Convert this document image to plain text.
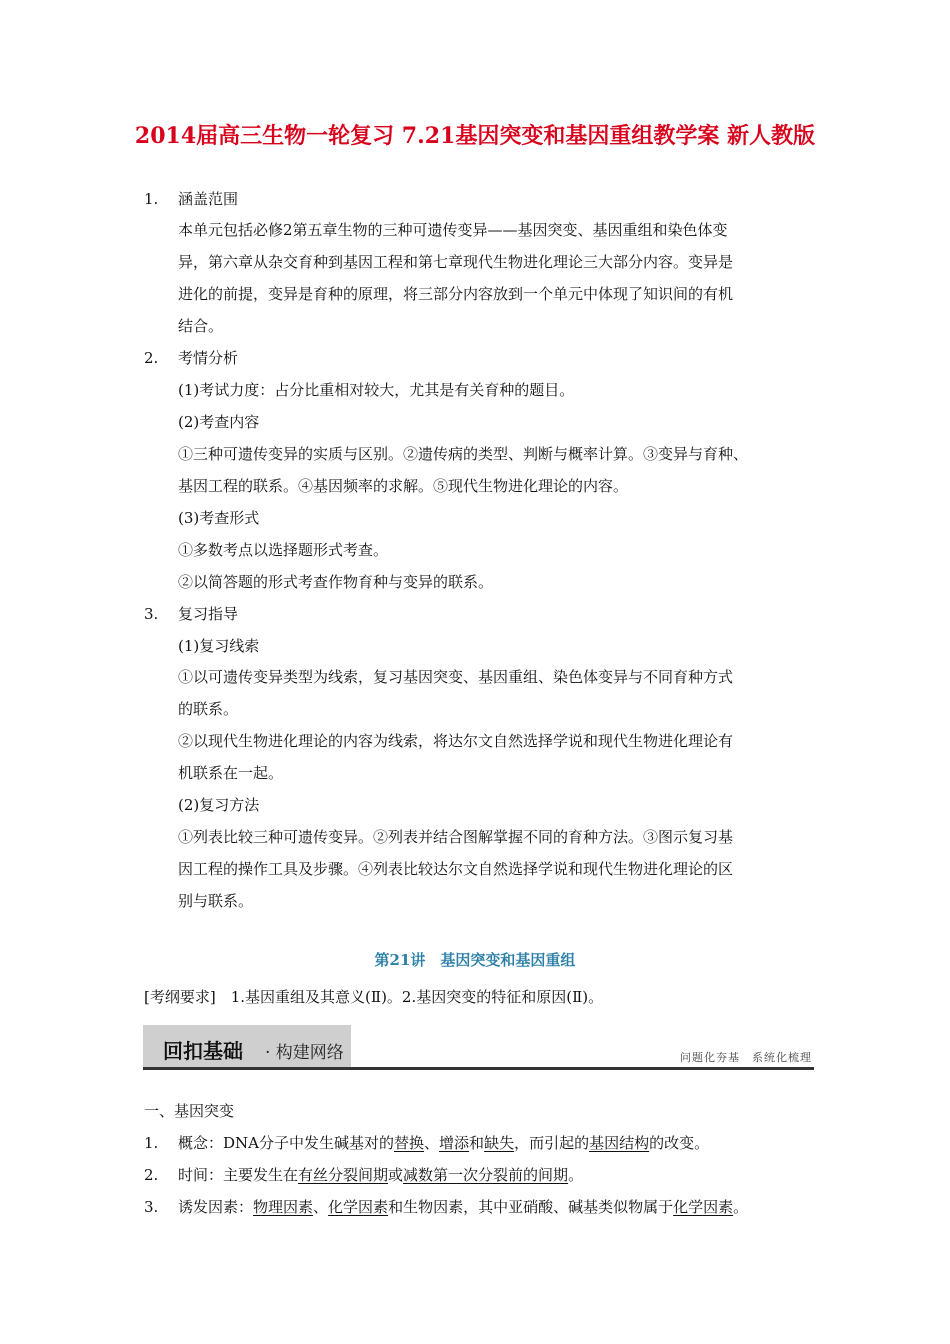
2014届高三生物一轮复习 7.21基因突变和基因重组教学案 新人教版
1. 涵盖范围
本单元包括必修2第五章生物的三种可遗传变异——基因突变、基因重组和染色体变
异，第六章从杂交育种到基因工程和第七章现代生物进化理论三大部分内容。变异是
进化的前提，变异是育种的原理，将三部分内容放到一个单元中体现了知识间的有机
结合。
2. 考情分析
(1)考试力度：占分比重相对较大，尤其是有关育种的题目。
(2)考查内容
①三种可遗传变异的实质与区别。②遗传病的类型、判断与概率计算。③变异与育种、
基因工程的联系。④基因频率的求解。⑤现代生物进化理论的内容。
(3)考查形式
①多数考点以选择题形式考查。
②以简答题的形式考查作物育种与变异的联系。
3. 复习指导
(1)复习线索
①以可遗传变异类型为线索，复习基因突变、基因重组、染色体变异与不同育种方式
的联系。
②以现代生物进化理论的内容为线索，将达尔文自然选择学说和现代生物进化理论有
机联系在一起。
(2)复习方法
①列表比较三种可遗传变异。②列表并结合图解掌握不同的育种方法。③图示复习基
因工程的操作工具及步骤。④列表比较达尔文自然选择学说和现代生物进化理论的区
别与联系。
第21讲　基因突变和基因重组
[考纲要求]　1.基因重组及其意义(Ⅱ)。2.基因突变的特征和原因(Ⅱ)。
回扣基础 · 构建网络	问题化夯基　系统化梳理
一、基因突变
1. 概念：DNA分子中发生碱基对的替换、增添和缺失，而引起的基因结构的改变。
2. 时间：主要发生在有丝分裂间期或减数第一次分裂前的间期。
3. 诱发因素：物理因素、化学因素和生物因素，其中亚硝酸、碱基类似物属于化学因素。
